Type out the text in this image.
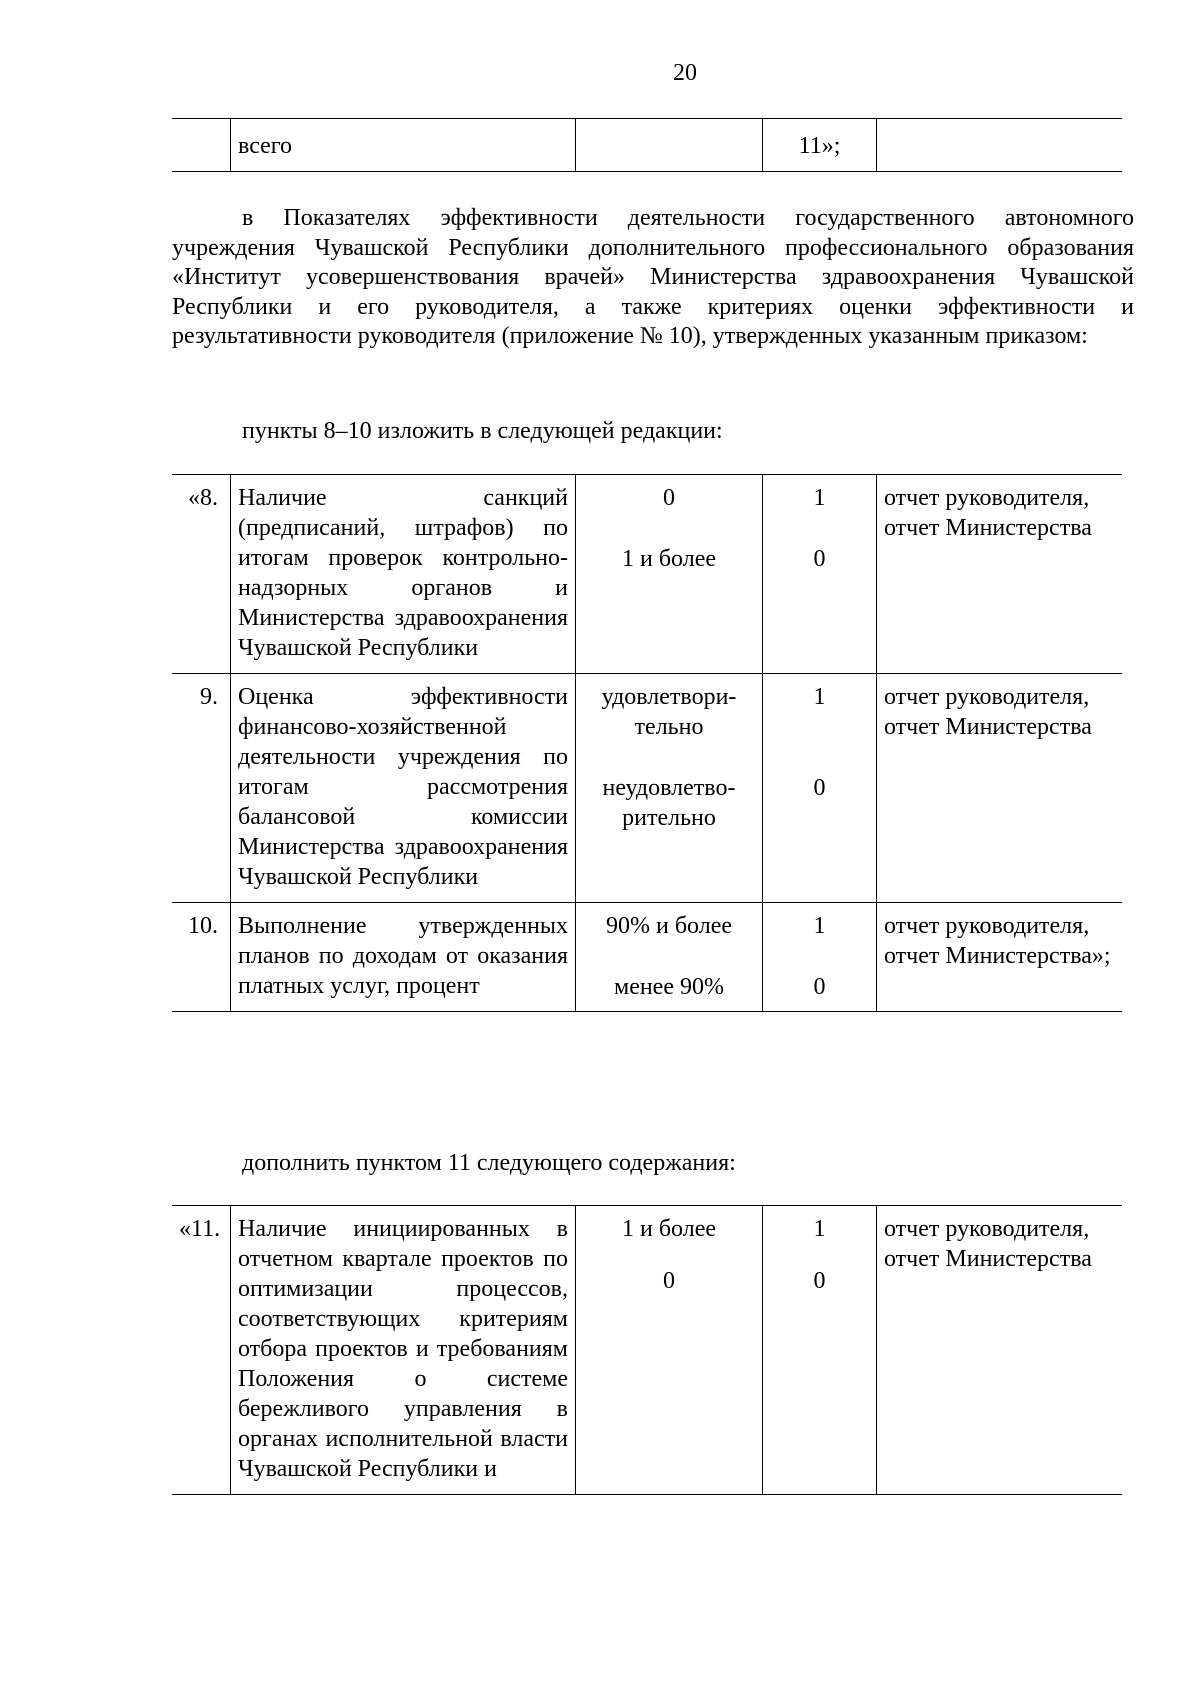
20
всего	11»;
в Показателях эффективности деятельности государственного автономного учреждения Чувашской Республики дополнительного профессионального образования «Институт усовершенствования врачей» Министерства здравоохранения Чувашской Республики и его руководителя, а также критериях оценки эффективности и результативности руководителя (приложение № 10), утвержденных указанным приказом:
пункты 8–10 изложить в следующей редакции:
«8. Наличие санкций (предписаний, штрафов) по итогам проверок контрольно-надзорных органов и Министерства здравоохранения Чувашской Республики
0
1 и более
1
0
отчет руководителя, отчет Министерства
9. Оценка эффективности финансово-хозяйственной деятельности учреждения по итогам рассмотрения балансовой комиссии Министерства здравоохранения Чувашской Республики
удовлетвори-тельно
неудовлетво-рительно
1
0
отчет руководителя, отчет Министерства
10. Выполнение утвержденных планов по доходам от оказания платных услуг, процент
90% и более
менее 90%
1
0
отчет руководителя, отчет Министерства»;
дополнить пунктом 11 следующего содержания:
«11. Наличие инициированных в отчетном квартале проектов по оптимизации процессов, соответствующих критериям отбора проектов и требованиям Положения о системе бережливого управления в органах исполнительной власти Чувашской Республики и
1 и более
0
1
0
отчет руководителя, отчет Министерства
